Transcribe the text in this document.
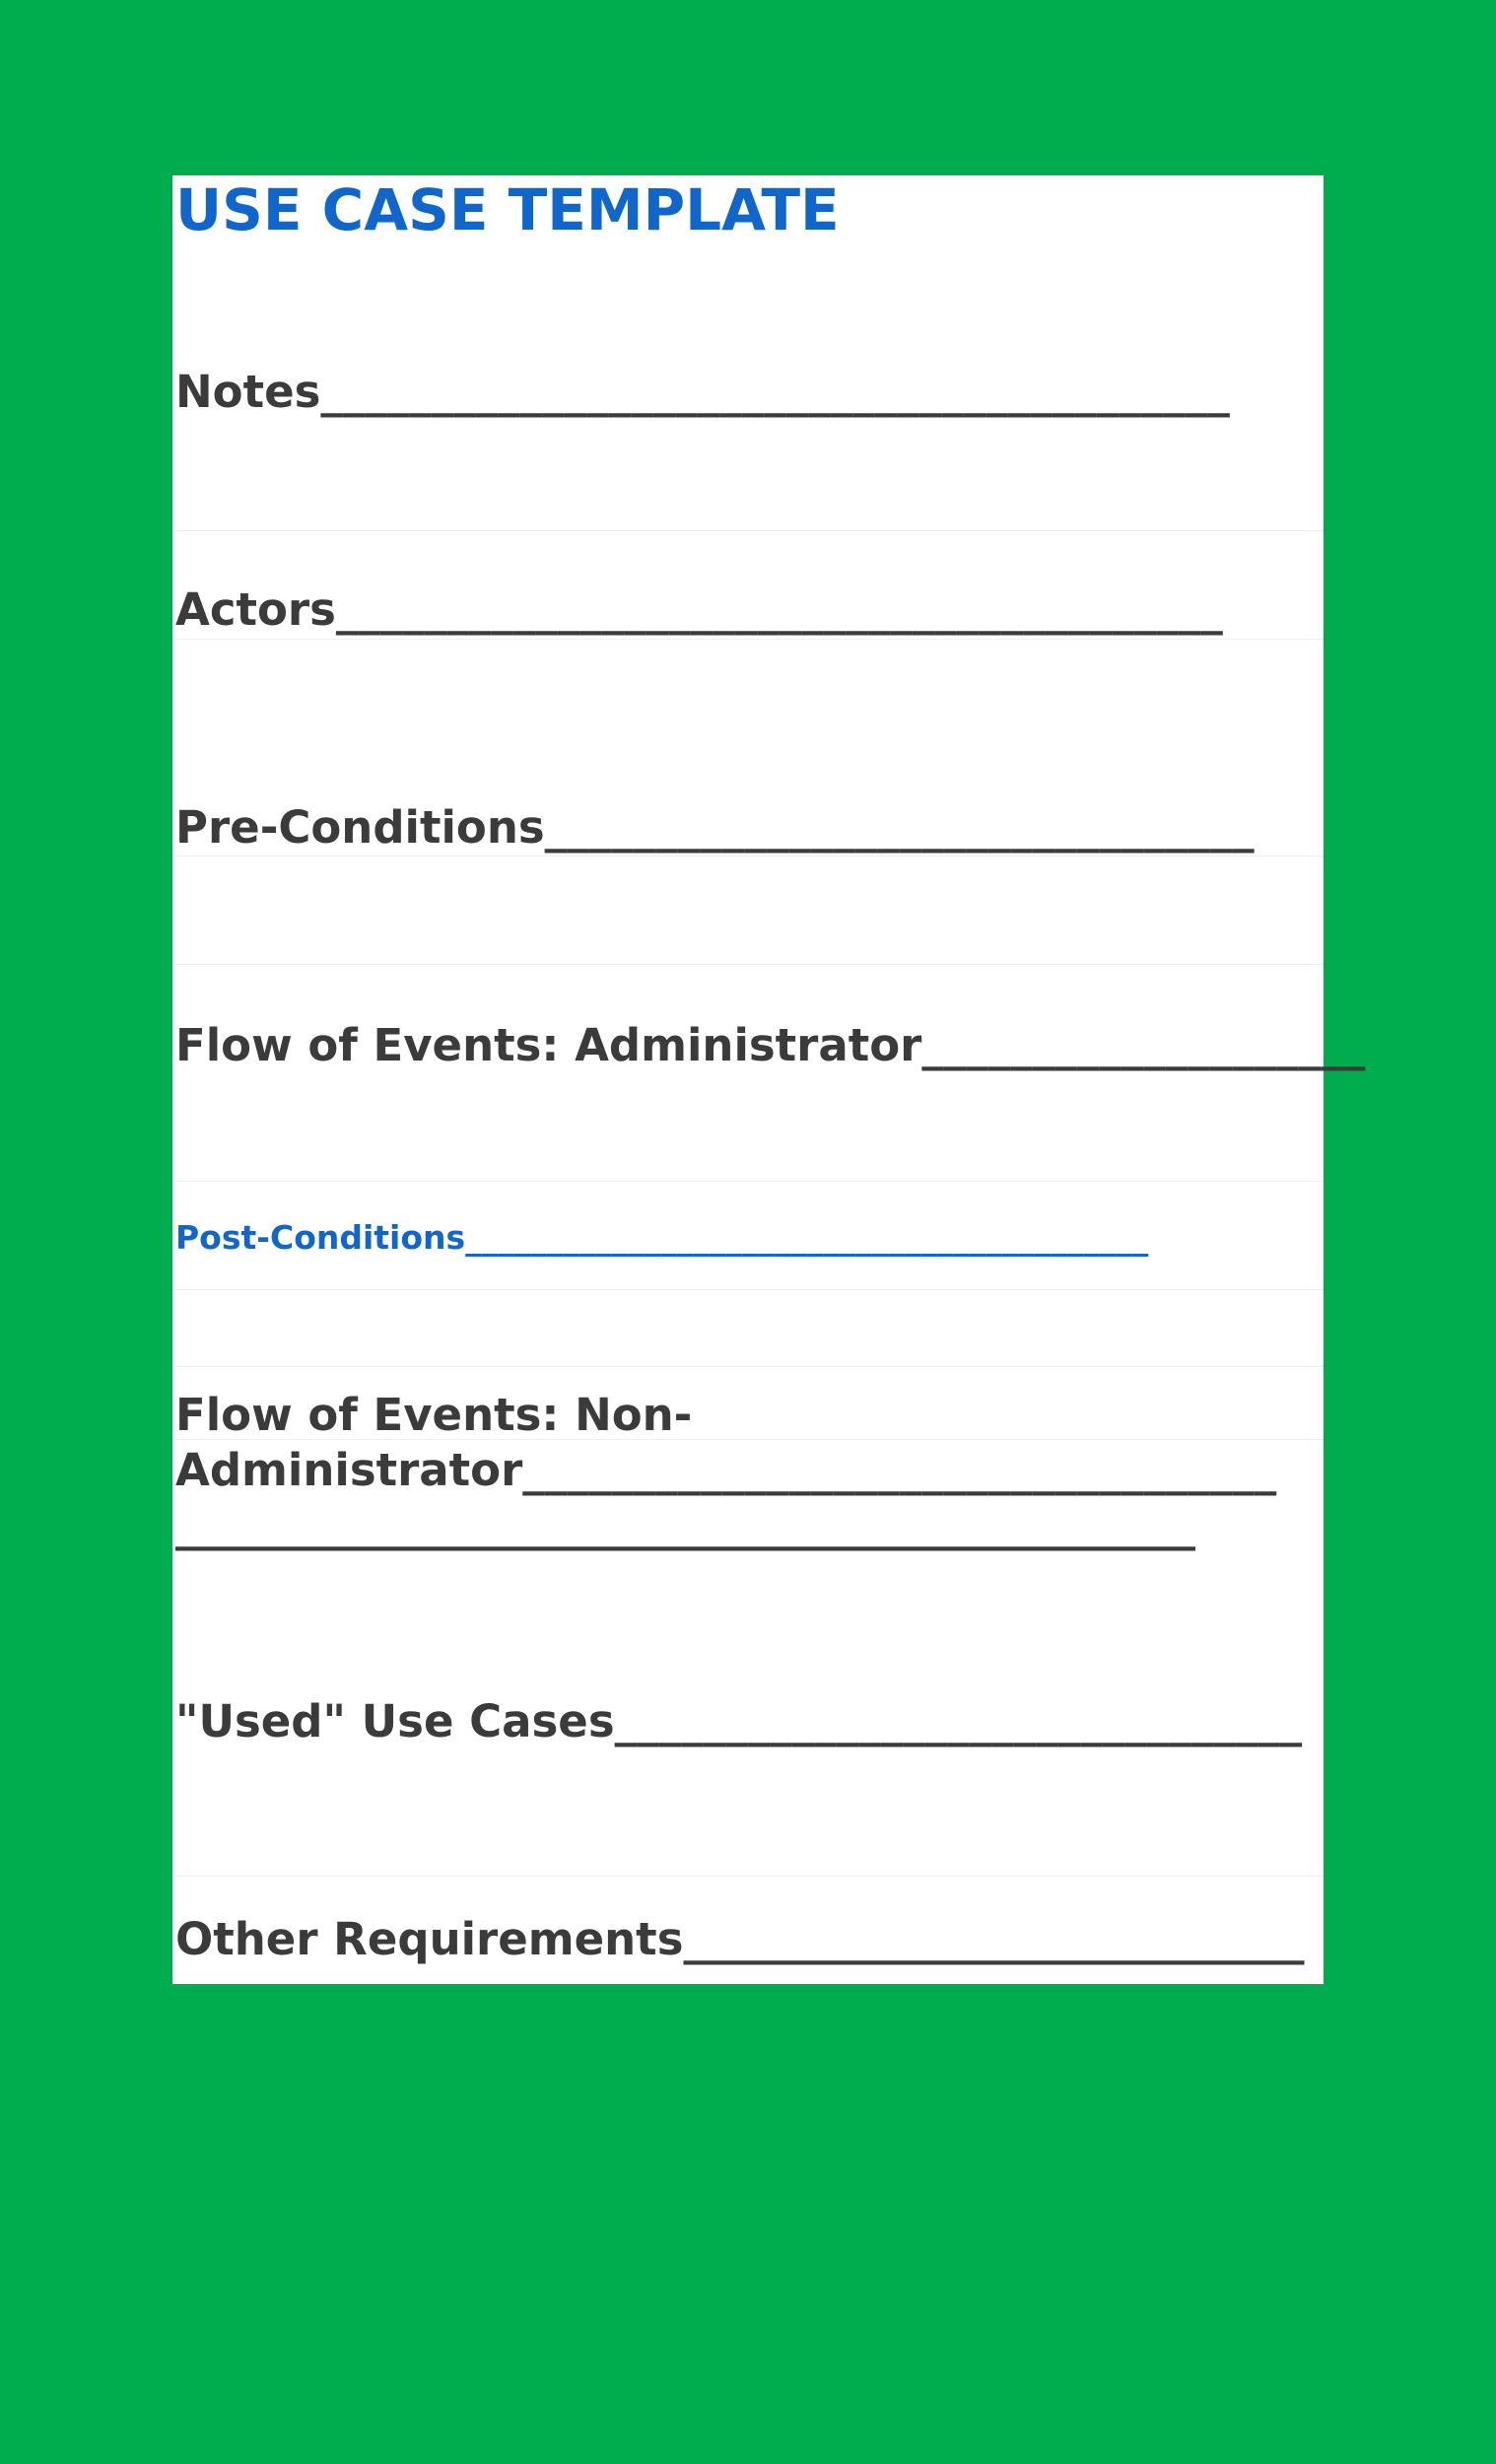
USE CASE TEMPLATE
Notes_________________________________________
Actors________________________________________
Pre-Conditions________________________________
Flow of Events: Administrator____________________
Post-Conditions__________________________________________
Flow of Events: Non-
Administrator__________________________________
______________________________________________
"Used" Use Cases_______________________________
Other Requirements____________________________
